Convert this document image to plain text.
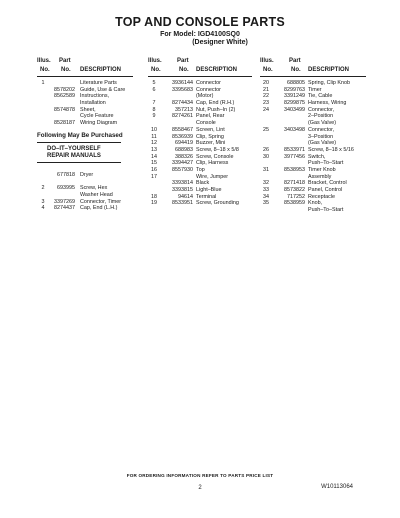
TOP AND CONSOLE PARTS
For Model: IGD4100SQ0
(Designer White)
Illus.
No.
Part
No. DESCRIPTION
1	Literature Parts
8578202 Guide, Use & Care
8562589 Instructions,
Installation
8574878 Sheet,
Cycle Feature
8528187 Wiring Diagram
Following May Be Purchased
DO–IT–YOURSELF
REPAIR MANUALS
677818 Dryer
2	693995 Screw, Hex
Washer Head
3	3397269 Connector, Timer
4	8274437 Cap, End (L.H.)
Illus.
No.
Part
No. DESCRIPTION
5	3936144 Connector
6	3395683 Connector
(Motor)
7	8274434 Cap, End (R.H.)
8	357213 Nut, Push–In (2)
9	8274261 Panel, Rear
Console
10	8558467 Screen, Lint
11	8536939 Clip, Spring
12	694419 Buzzer, Mini
13	688983 Screw, 8–18 x 5/8
14	388326 Screw, Console
15	3394427 Clip, Harness
16	8557930 Top
17	Wire, Jumper
3393814 Black
3393815 Light–Blue
18	94614 Terminal
19	8533951 Screw, Grounding
Illus.
No.
Part
No. DESCRIPTION
20	688805 Spring, Clip Knob
21	8299763 Timer
22	3391249 Tie, Cable
23	8299875 Harness, Wiring
24	3403499 Connector,
2–Position
(Gas Valve)
25	3403498 Connector,
3–Position
(Gas Valve)
26	8533971 Screw, 8–18 x 5/16
30	3977456 Switch,
Push–To–Start
31	8538953 Timer Knob
Assembly
32	8271418 Bracket, Control
33	8573822 Panel, Control
34	717252 Receptacle
35	8538959 Knob,
Push–To–Start
FOR ORDERING INFORMATION REFER TO PARTS PRICE LIST
2	W10113064
